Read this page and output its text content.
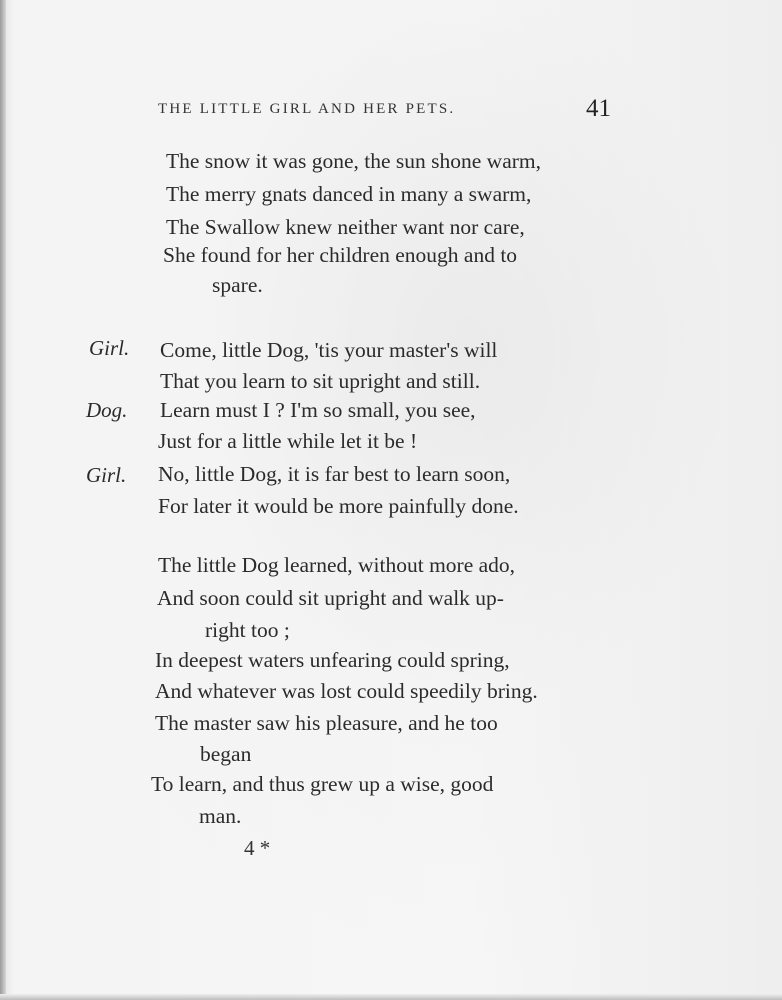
THE LITTLE GIRL AND HER PETS.	41
The snow it was gone, the sun shone warm,
The merry gnats danced in many a swarm,
The Swallow knew neither want nor care,
She found for her children enough and to
spare.
Girl. Come, little Dog, 'tis your master's will
That you learn to sit upright and still.
Dog. Learn must I ? I'm so small, you see,
Just for a little while let it be !
Girl. No, little Dog, it is far best to learn soon,
For later it would be more painfully done.
The little Dog learned, without more ado,
And soon could sit upright and walk up-
right too ;
In deepest waters unfearing could spring,
And whatever was lost could speedily bring.
The master saw his pleasure, and he too
began
To learn, and thus grew up a wise, good
man.
4 *
